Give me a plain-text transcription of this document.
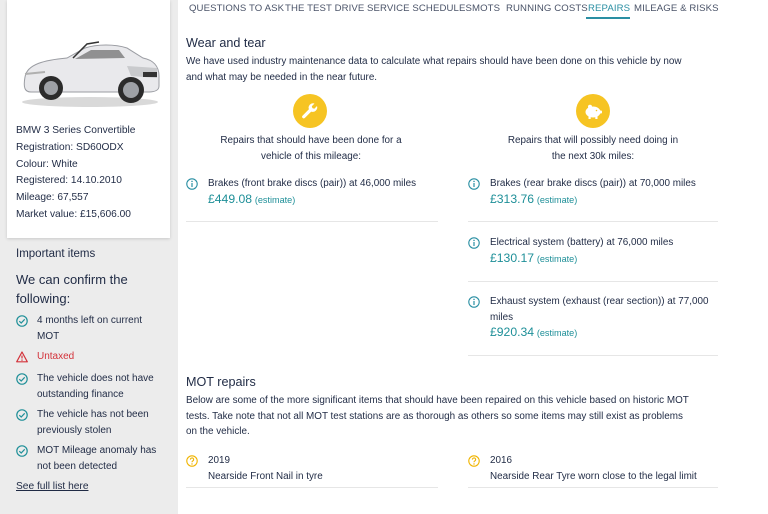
BMW 3 Series Convertible
Registration: SD60ODX
Colour: White
Registered: 14.10.2010
Mileage: 67,557
Market value: £15,606.00
Important items
We can confirm the following:
4 months left on current
MOT
Untaxed
The vehicle does not have
outstanding finance
The vehicle has not been
previously stolen
MOT Mileage anomaly has
not been detected
See full list here
QUESTIONS TO ASK THE TEST DRIVE SERVICE SCHEDULES MOTS RUNNING COSTS REPAIRS MILEAGE & RISKS
Wear and tear
We have used industry maintenance data to calculate what repairs should have been done on this vehicle by now
and what may be needed in the near future.
Repairs that should have been done for a
vehicle of this mileage:
Repairs that will possibly need doing in
the next 30k miles:
Brakes (front brake discs (pair)) at 46,000 miles
£449.08 (estimate)
Brakes (rear brake discs (pair)) at 70,000 miles
£313.76 (estimate)
Electrical system (battery) at 76,000 miles
£130.17 (estimate)
Exhaust system (exhaust (rear section)) at 77,000
miles
£920.34 (estimate)
MOT repairs
Below are some of the more significant items that should have been repaired on this vehicle based on historic MOT
tests. Take note that not all MOT test stations are as thorough as others so some items may still exist as problems
on the vehicle.
2019
Nearside Front Nail in tyre
2016
Nearside Rear Tyre worn close to the legal limit
